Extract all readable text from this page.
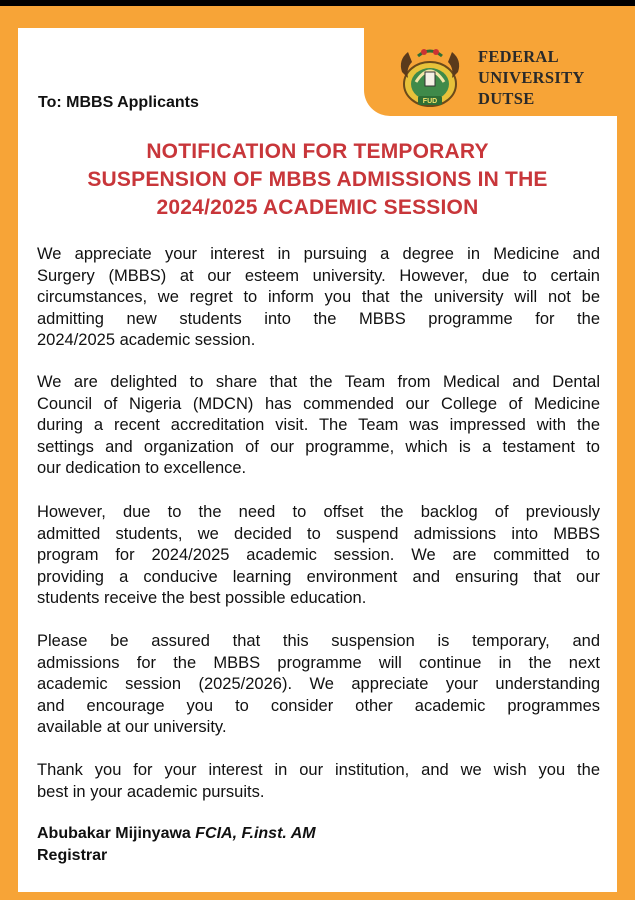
FUD
FEDERAL
UNIVERSITY
DUTSE
To: MBBS Applicants
NOTIFICATION FOR TEMPORARY
SUSPENSION OF MBBS ADMISSIONS IN THE
2024/2025 ACADEMIC SESSION
We appreciate your interest in pursuing a degree in Medicine and
Surgery (MBBS) at our esteem university. However, due to certain
circumstances, we regret to inform you that the university will not be
admitting new students into the MBBS programme for the
2024/2025 academic session.
We are delighted to share that the Team from Medical and Dental
Council of Nigeria (MDCN) has commended our College of Medicine
during a recent accreditation visit. The Team was impressed with the
settings and organization of our programme, which is a testament to
our dedication to excellence.
However, due to the need to offset the backlog of previously
admitted students, we decided to suspend admissions into MBBS
program for 2024/2025 academic session. We are committed to
providing a conducive learning environment and ensuring that our
students receive the best possible education.
Please be assured that this suspension is temporary, and
admissions for the MBBS programme will continue in the next
academic session (2025/2026). We appreciate your understanding
and encourage you to consider other academic programmes
available at our university.
Thank you for your interest in our institution, and we wish you the
best in your academic pursuits.
Abubakar Mijinyawa FCIA, F.inst. AM
Registrar
